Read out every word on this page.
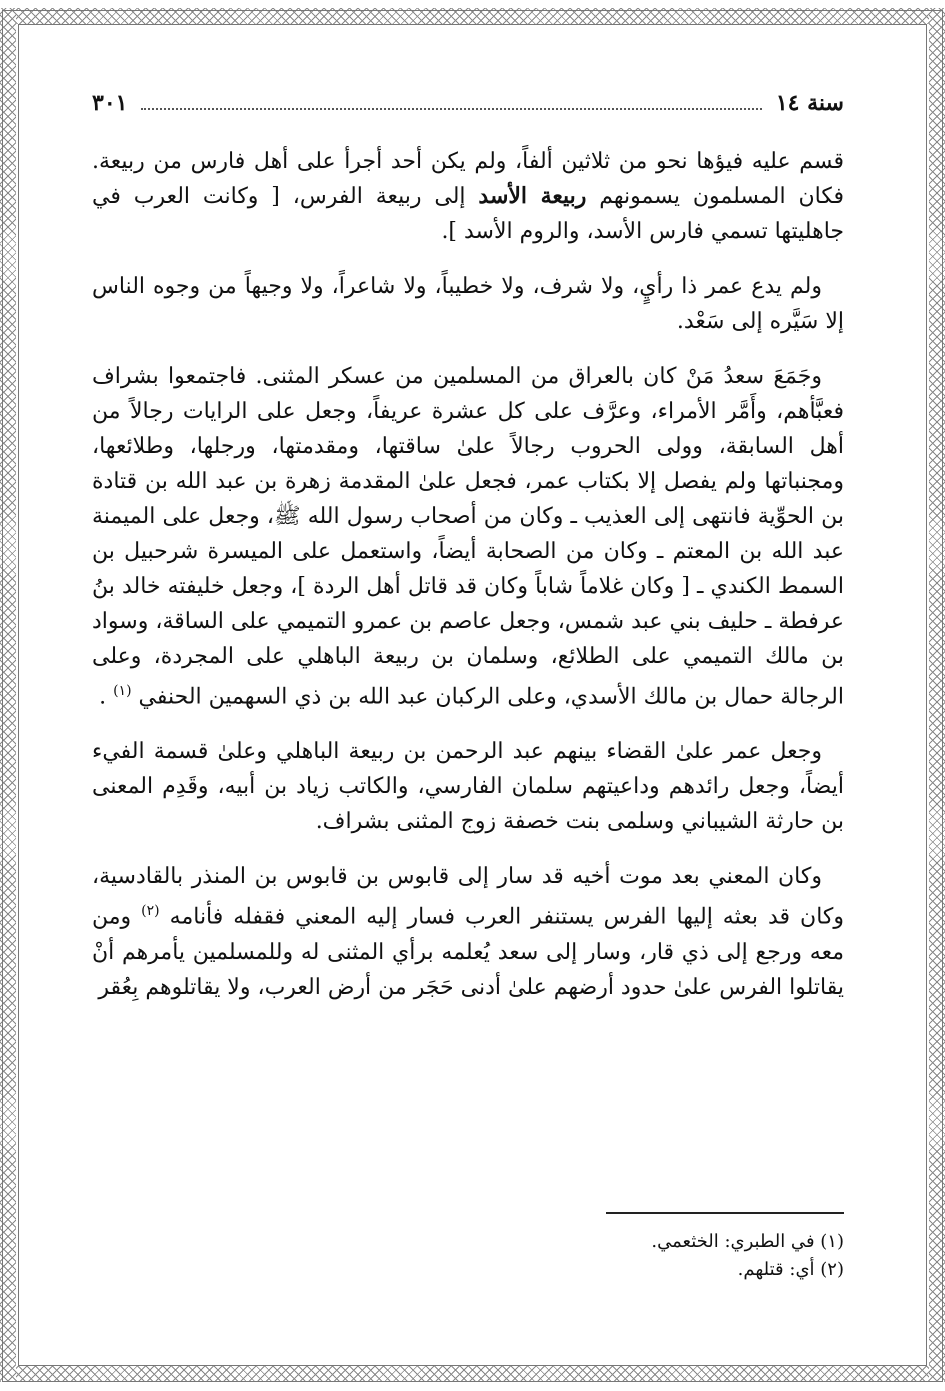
سنة ١٤
٣٠١

قسم عليه فيؤها نحو من ثلاثين ألفاً، ولم يكن أحد أجرأ على أهل فارس من ربيعة. فكان المسلمون يسمونهم ربيعة الأسد إلى ربيعة الفرس، [ وكانت العرب في جاهليتها تسمي فارس الأسد، والروم الأسد ].

ولم يدع عمر ذا رأيٍ، ولا شرف، ولا خطيباً، ولا شاعراً، ولا وجيهاً من وجوه الناس إلا سَيَّره إلى سَعْد.

وجَمَعَ سعدُ مَنْ كان بالعراق من المسلمين من عسكر المثنى. فاجتمعوا بشراف فعبَّأهم، وأَمَّر الأمراء، وعرَّف على كل عشرة عريفاً، وجعل على الرايات رجالاً من أهل السابقة، وولى الحروب رجالاً علىٰ ساقتها، ومقدمتها، ورجلها، وطلائعها، ومجنباتها ولم يفصل إلا بكتاب عمر، فجعل علىٰ المقدمة زهرة بن عبد الله بن قتادة بن الحوِّية فانتهى إلى العذيب ـ وكان من أصحاب رسول الله ﷺ، وجعل على الميمنة عبد الله بن المعتم ـ وكان من الصحابة أيضاً، واستعمل على الميسرة شرحبيل بن السمط الكندي ـ [ وكان غلاماً شاباً وكان قد قاتل أهل الردة ]، وجعل خليفته خالد بنُ عرفطة ـ حليف بني عبد شمس، وجعل عاصم بن عمرو التميمي على الساقة، وسواد بن مالك التميمي على الطلائع، وسلمان بن ربيعة الباهلي على المجردة، وعلى الرجالة حمال بن مالك الأسدي، وعلى الركبان عبد الله بن ذي السهمين الحنفي $^{(١)}$ .

وجعل عمر علىٰ القضاء بينهم عبد الرحمن بن ربيعة الباهلي وعلىٰ قسمة الفيء أيضاً، وجعل رائدهم وداعيتهم سلمان الفارسي، والكاتب زياد بن أبيه، وقَدِم المعنى بن حارثة الشيباني وسلمى بنت خصفة زوج المثنى بشراف.

وكان المعني بعد موت أخيه قد سار إلى قابوس بن قابوس بن المنذر بالقادسية، وكان قد بعثه إليها الفرس يستنفر العرب فسار إليه المعني فقفله فأنامه $^{(٢)}$ ومن معه ورجع إلى ذي قار، وسار إلى سعد يُعلمه برأي المثنى له وللمسلمين يأمرهم أنْ يقاتلوا الفرس علىٰ حدود أرضهم علىٰ أدنى حَجَر من أرض العرب، ولا يقاتلوهم بِعُقر

(١) في الطبري: الخثعمي.
(٢) أي: قتلهم.
